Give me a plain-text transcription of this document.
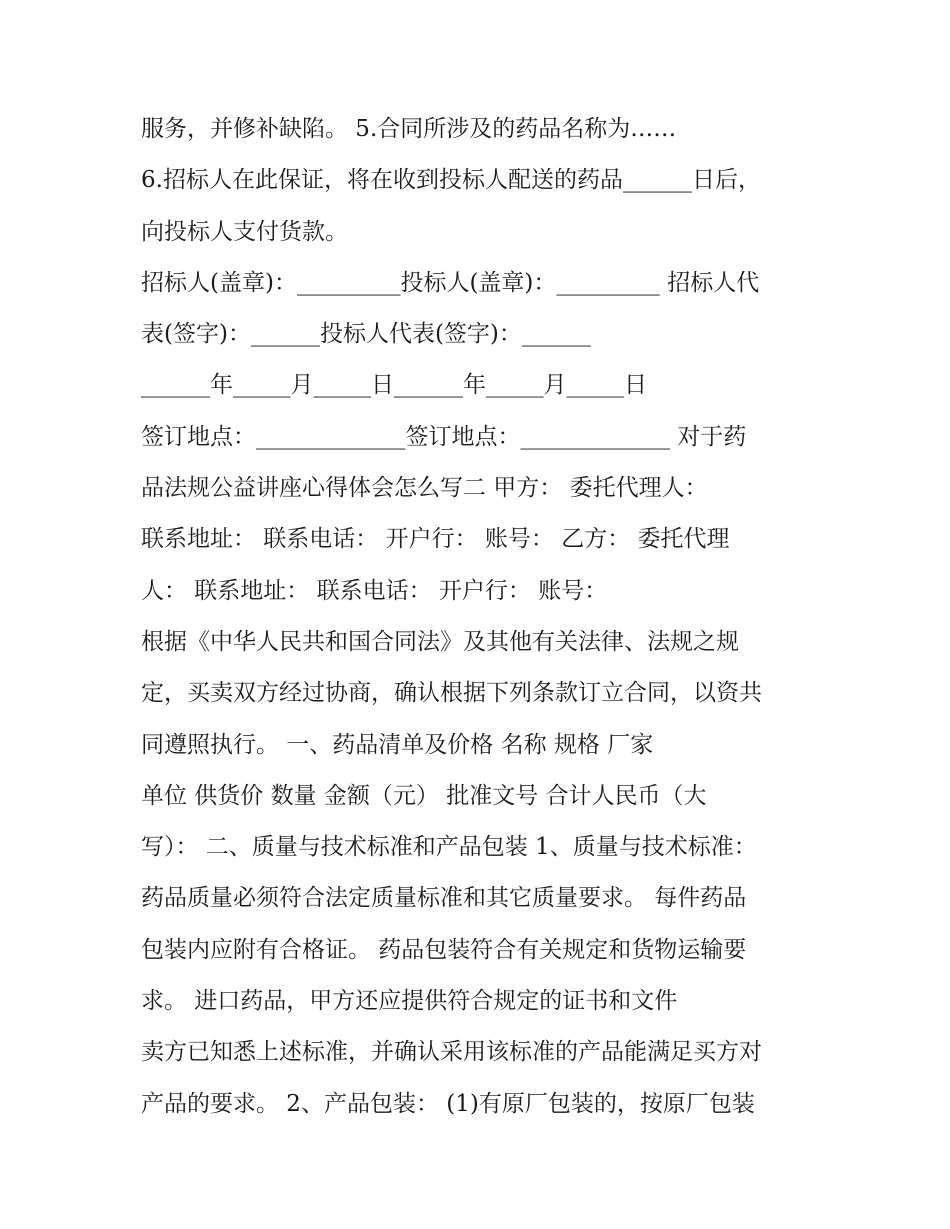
服务，并修补缺陷。 5.合同所涉及的药品名称为……
6.招标人在此保证，将在收到投标人配送的药品______日后，
向投标人支付货款。
招标人(盖章)：_________投标人(盖章)：_________ 招标人代
表(签字)：______投标人代表(签字)：______
______年_____月_____日______年_____月_____日
签订地点：_____________签订地点：_____________ 对于药
品法规公益讲座心得体会怎么写二 甲方： 委托代理人：
联系地址： 联系电话： 开户行： 账号： 乙方： 委托代理
人： 联系地址： 联系电话： 开户行： 账号：
根据《中华人民共和国合同法》及其他有关法律、法规之规
定，买卖双方经过协商，确认根据下列条款订立合同，以资共
同遵照执行。 一、药品清单及价格 名称 规格 厂家
单位 供货价 数量 金额（元） 批准文号 合计人民币（大
写）： 二、质量与技术标准和产品包装 1、质量与技术标准：
药品质量必须符合法定质量标准和其它质量要求。 每件药品
包装内应附有合格证。 药品包装符合有关规定和货物运输要
求。 进口药品，甲方还应提供符合规定的证书和文件
卖方已知悉上述标准，并确认采用该标准的产品能满足买方对
产品的要求。 2、产品包装： (1)有原厂包装的，按原厂包装
